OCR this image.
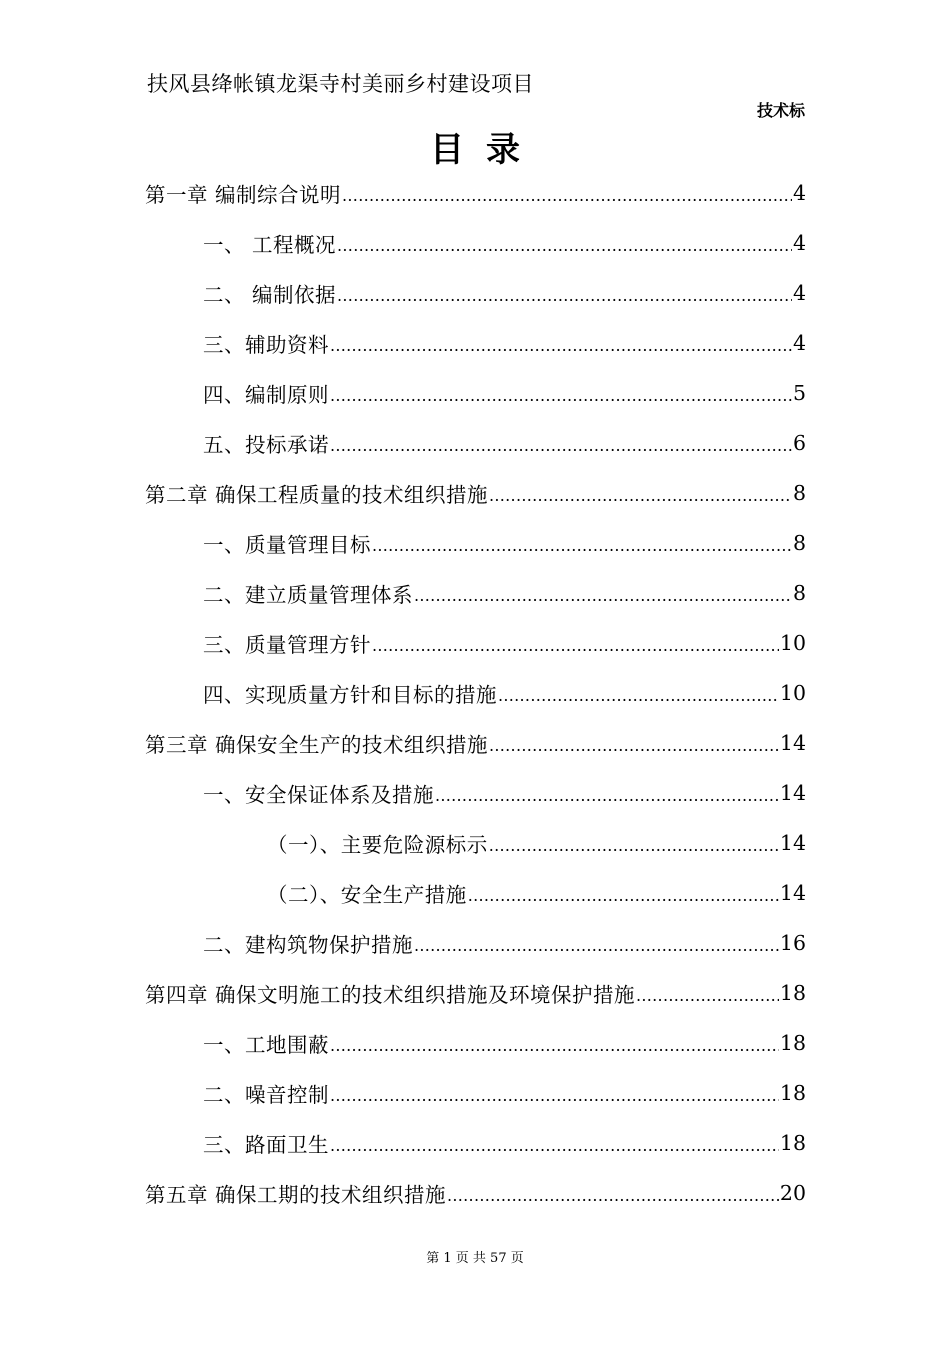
扶风县绛帐镇龙渠寺村美丽乡村建设项目
技术标
目录
第一章 编制综合说明 .....	4
一、 工程概况 .....	4
二、 编制依据 .....	4
三、辅助资料 .....	4
四、编制原则 .....	5
五、投标承诺 .....	6
第二章 确保工程质量的技术组织措施 .....	8
一、质量管理目标 .....	8
二、建立质量管理体系 .....	8
三、质量管理方针 .....	10
四、实现质量方针和目标的措施 .....	10
第三章 确保安全生产的技术组织措施 .....	14
一、安全保证体系及措施 .....	14
（一）、主要危险源标示 .....	14
（二）、安全生产措施 .....	14
二、建构筑物保护措施 .....	16
第四章 确保文明施工的技术组织措施及环境保护措施 .....	18
一、工地围蔽 .....	18
二、噪音控制 .....	18
三、路面卫生 .....	18
第五章 确保工期的技术组织措施 .....	20
第 1 页 共 57 页
